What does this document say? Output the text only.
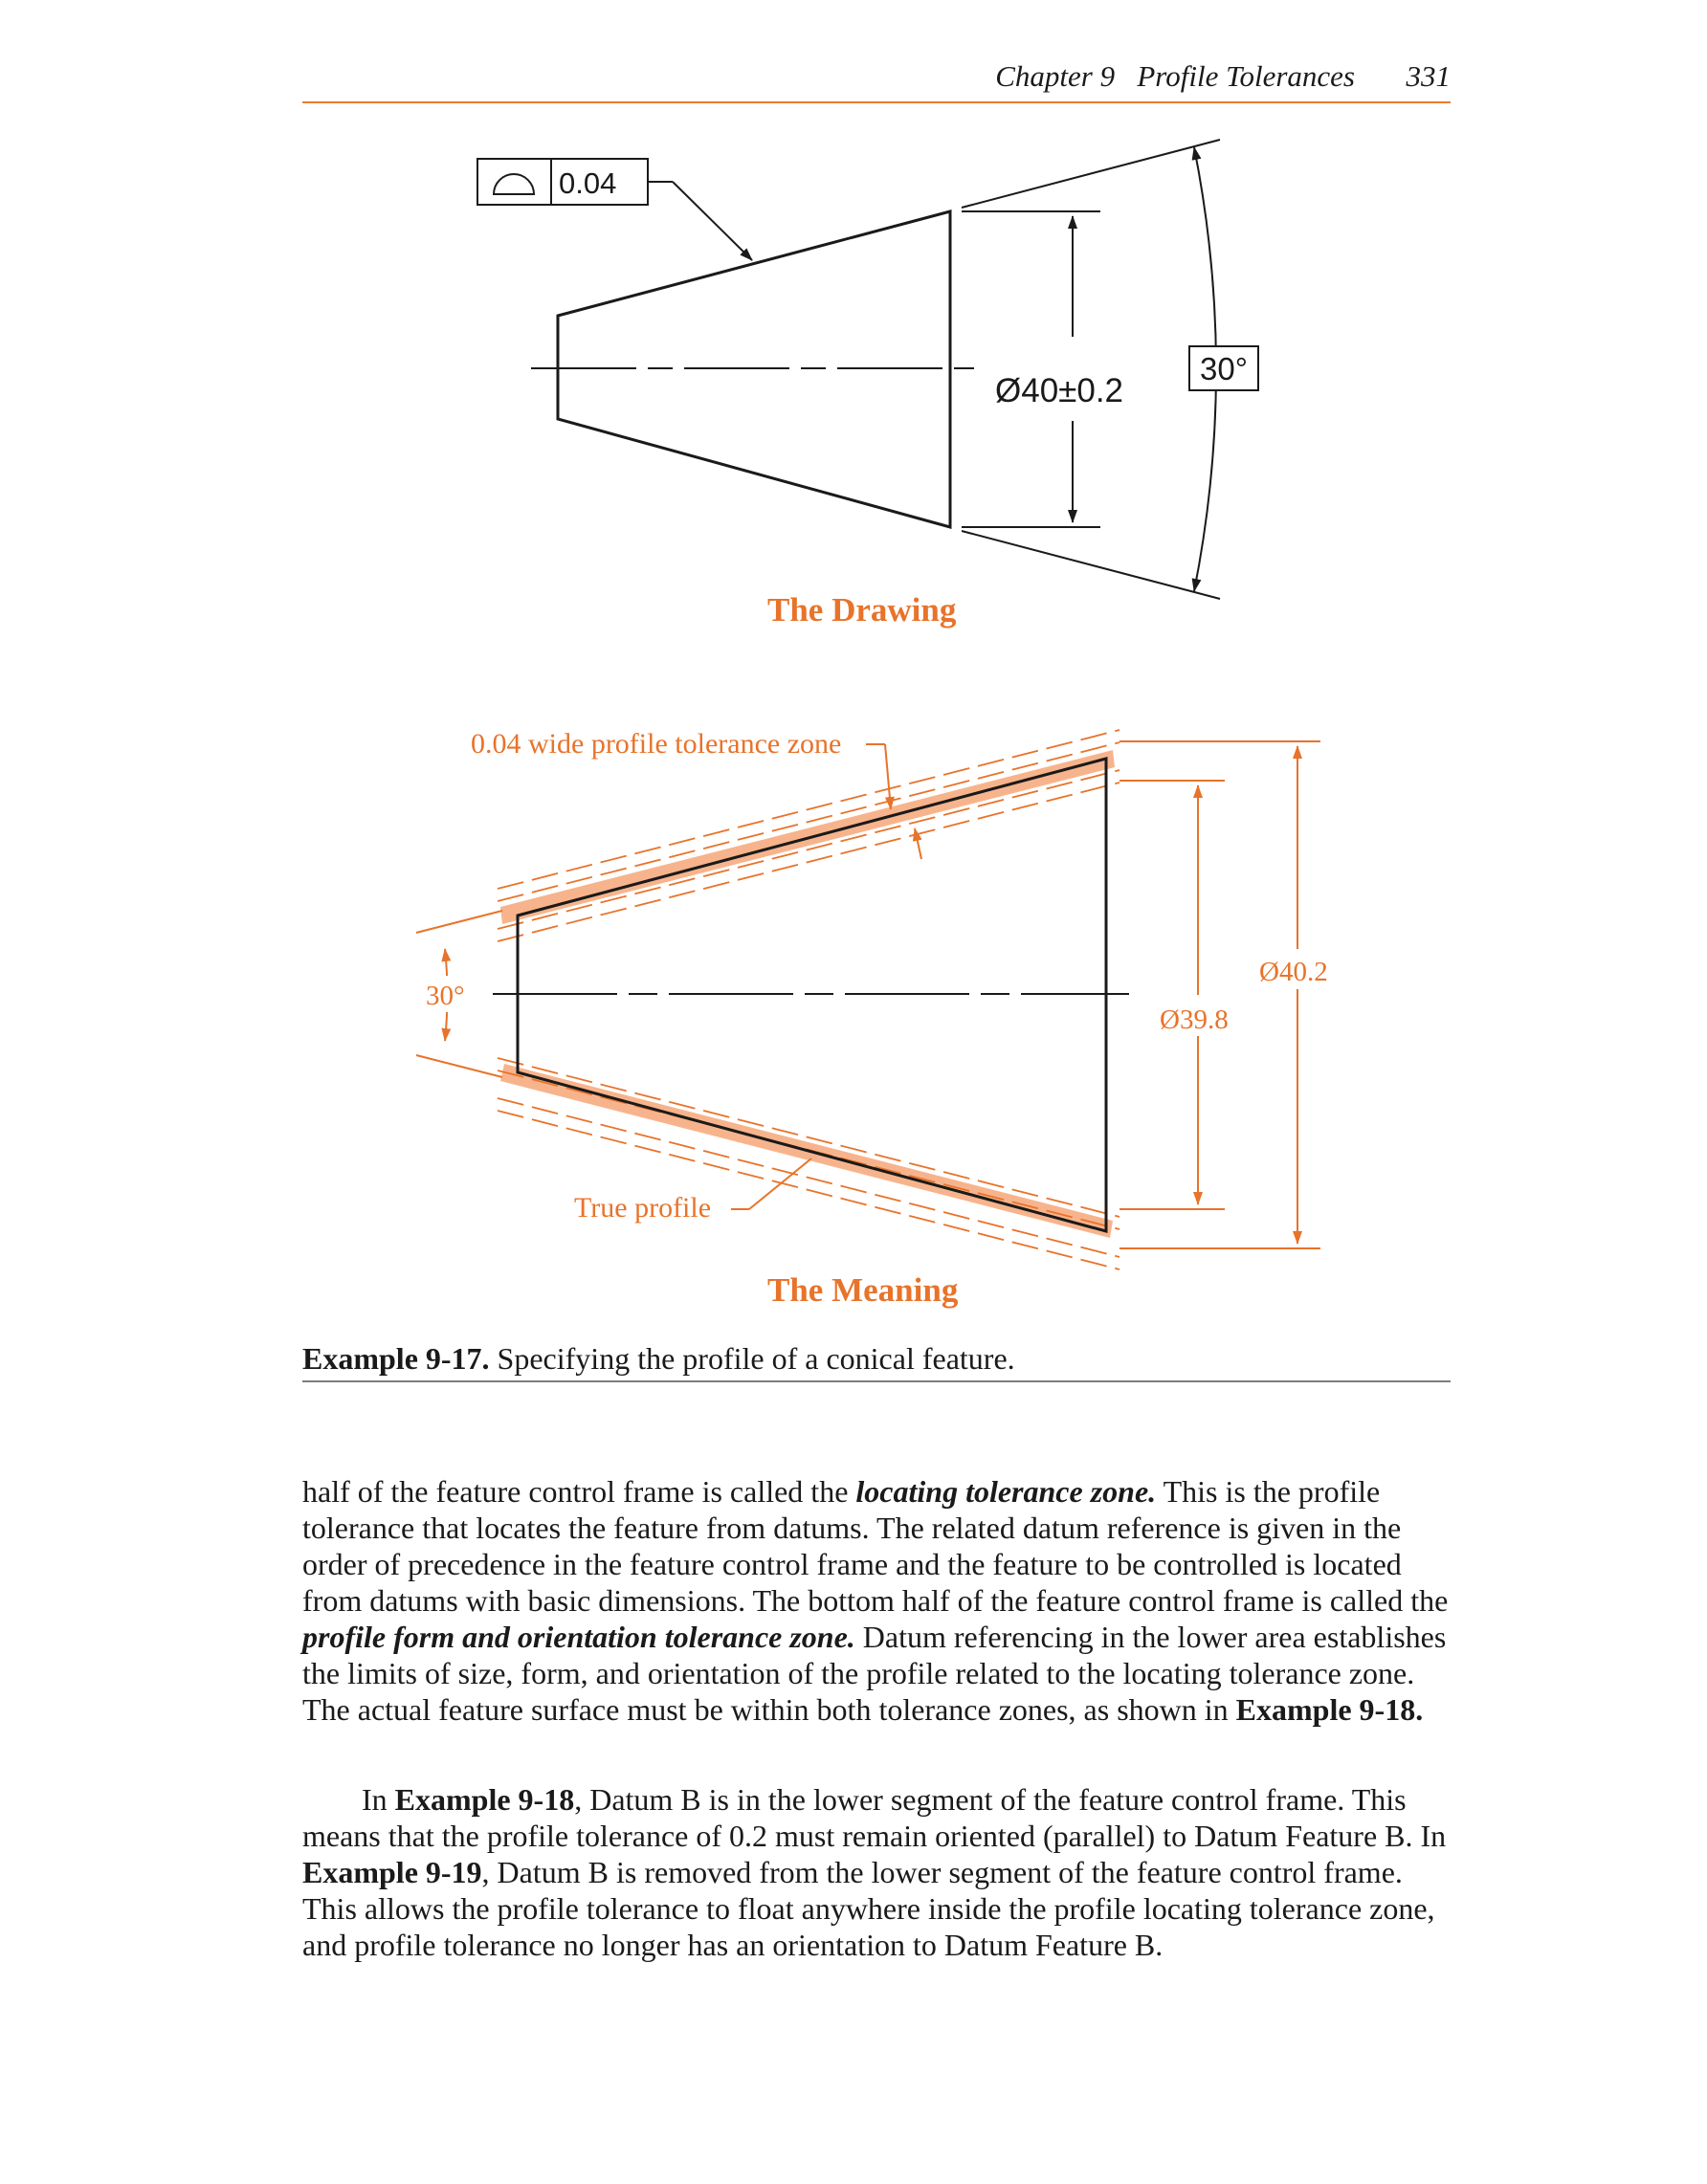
Chapter 9 Profile Tolerances 331
0.04
Ø40±0.2
30°
0.04 wide profile tolerance zone
True profile
30°
Ø39.8
Ø40.2
The Drawing
The Meaning
Example 9-17. Specifying the profile of a conical feature.

half of the feature control frame is called the locating tolerance zone. This is the profile tolerance that locates the feature from datums. The related datum reference is given in the order of precedence in the feature control frame and the feature to be controlled is located from datums with basic dimensions. The bottom half of the feature control frame is called the profile form and orientation tolerance zone. Datum referencing in the lower area establishes the limits of size, form, and orientation of the profile related to the locating tolerance zone. The actual feature surface must be within both tolerance zones, as shown in Example 9-18.

In Example 9-18, Datum B is in the lower segment of the feature control frame. This means that the profile tolerance of 0.2 must remain oriented (parallel) to Datum Feature B. In Example 9-19, Datum B is removed from the lower segment of the feature control frame. This allows the profile tolerance to float anywhere inside the profile locating tolerance zone, and profile tolerance no longer has an orientation to Datum Feature B.
